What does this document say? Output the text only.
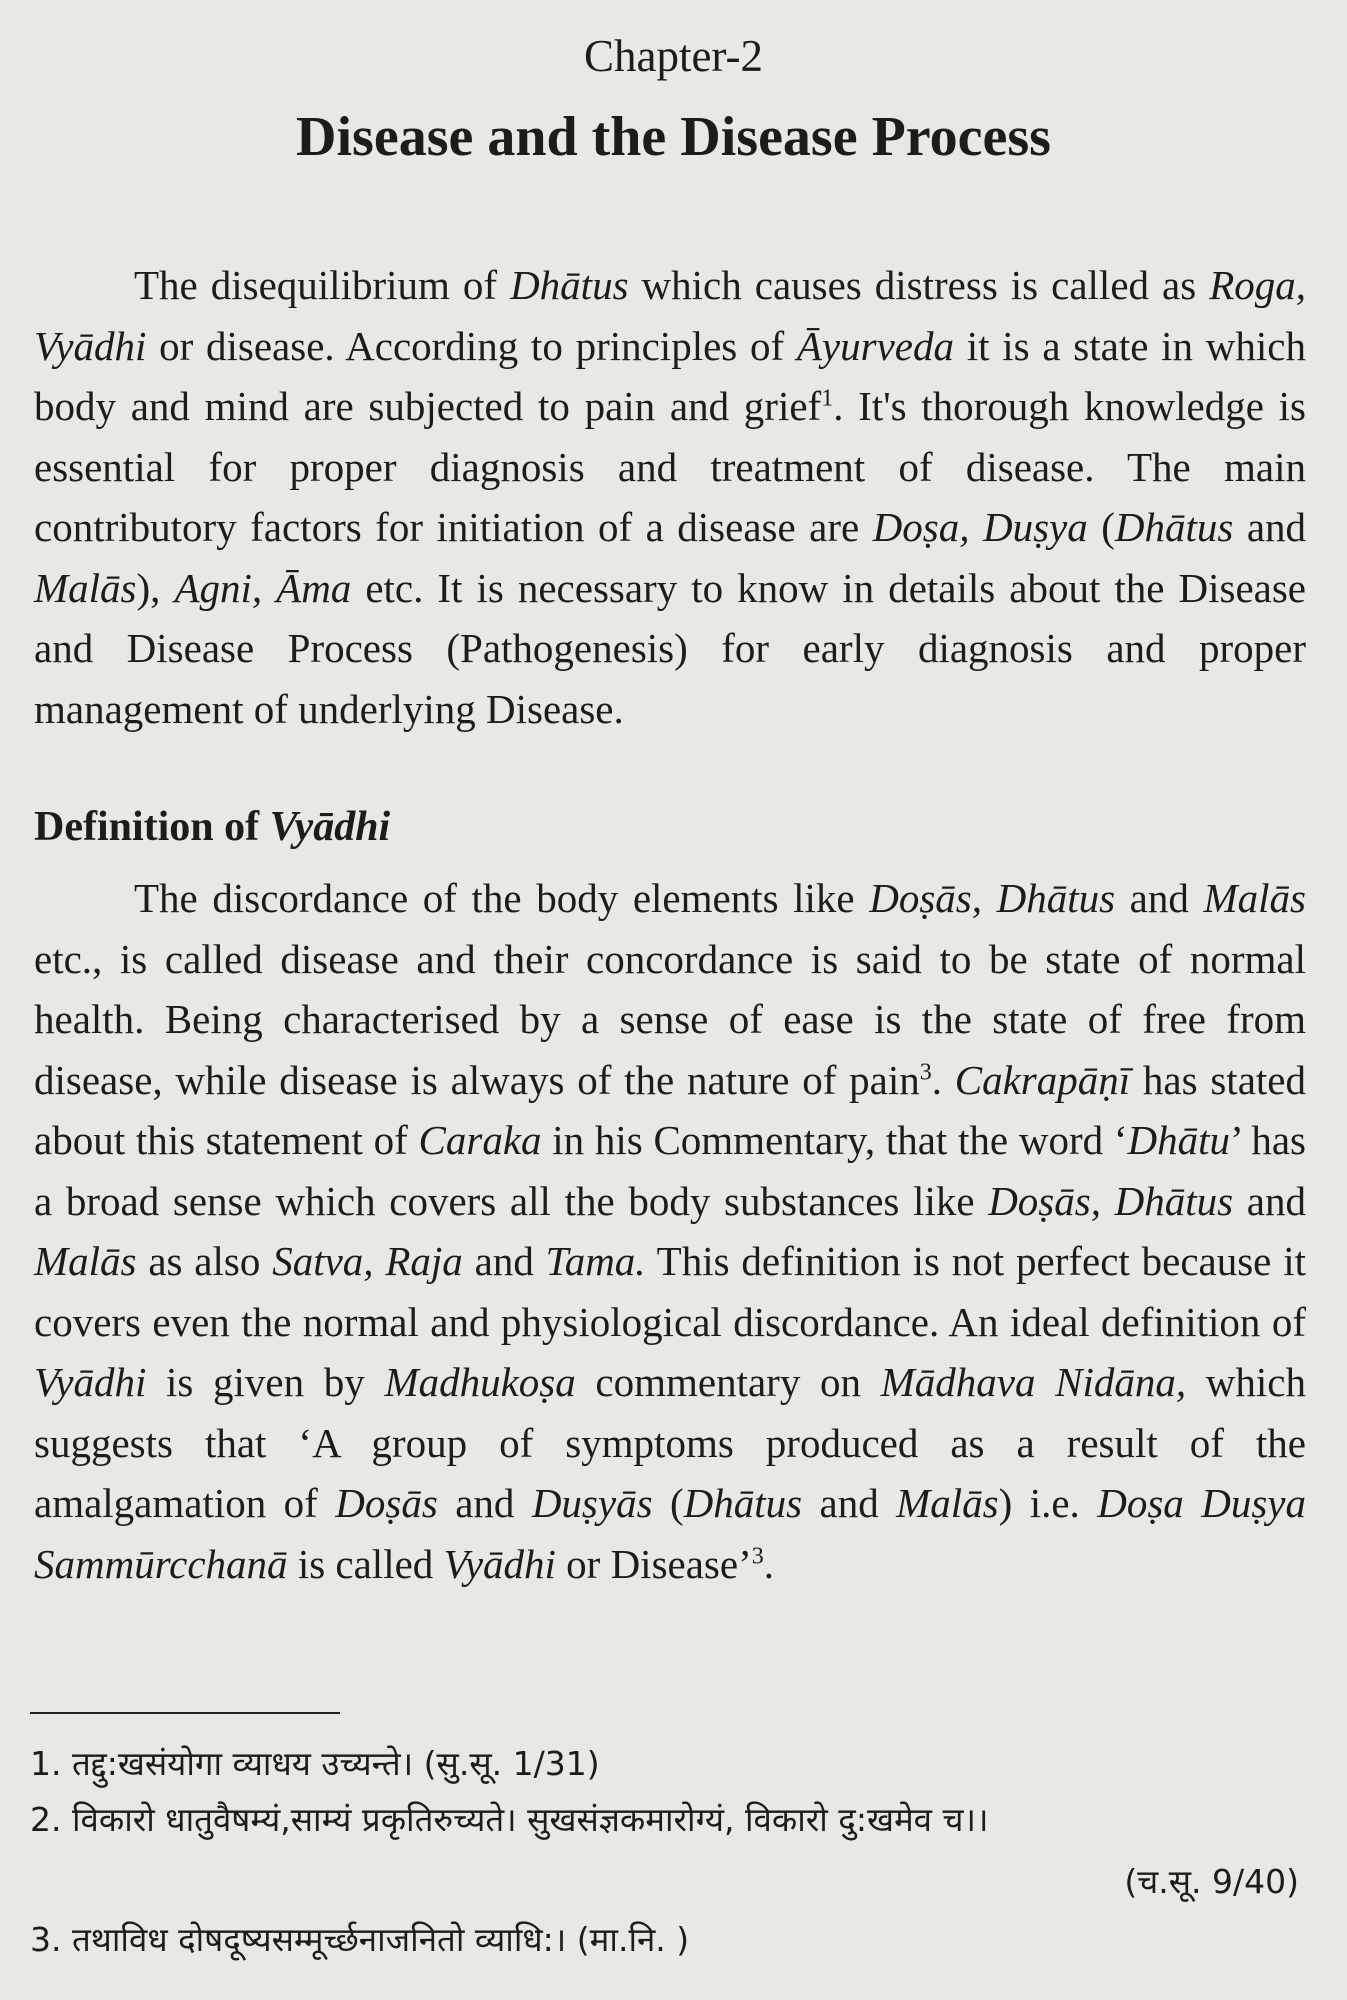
Chapter-2
Disease and the Disease Process
The disequilibrium of Dhātus which causes distress is called as Roga, Vyādhi or disease. According to principles of Āyurveda it is a state in which body and mind are subjected to pain and grief$^1$. It's thorough knowledge is essential for proper diagnosis and treatment of disease. The main contributory factors for initiation of a disease are Doṣa, Duṣya (Dhātus and Malās), Agni, Āma etc. It is necessary to know in details about the Disease and Disease Process (Pathogenesis) for early diagnosis and proper management of underlying Disease.
Definition of Vyādhi
The discordance of the body elements like Doṣās, Dhātus and Malās etc., is called disease and their concordance is said to be state of normal health. Being characterised by a sense of ease is the state of free from disease, while disease is always of the nature of pain$^3$. Cakrapāṇī has stated about this statement of Caraka in his Commentary, that the word ‘Dhātu’ has a broad sense which covers all the body substances like Doṣās, Dhātus and Malās as also Satva, Raja and Tama. This definition is not perfect because it covers even the normal and physiological discordance. An ideal definition of Vyādhi is given by Madhukoṣa commentary on Mādhava Nidāna, which suggests that ‘A group of symptoms produced as a result of the amalgamation of Doṣās and Duṣyās (Dhātus and Malās) i.e. Doṣa Duṣya Sammūrcchanā is called Vyādhi or Disease’$^3$.
1. तद्दु:खसंयोगा व्याधय उच्यन्ते। (सु.सू. 1/31)
2. विकारो धातुवैषम्यं,साम्यं प्रकृतिरुच्यते। सुखसंज्ञकमारोग्यं, विकारो दु:खमेव च।।
(च.सू. 9/40)
3. तथाविध दोषदूष्यसम्मूर्च्छनाजनितो व्याधि:। (मा.नि. )
